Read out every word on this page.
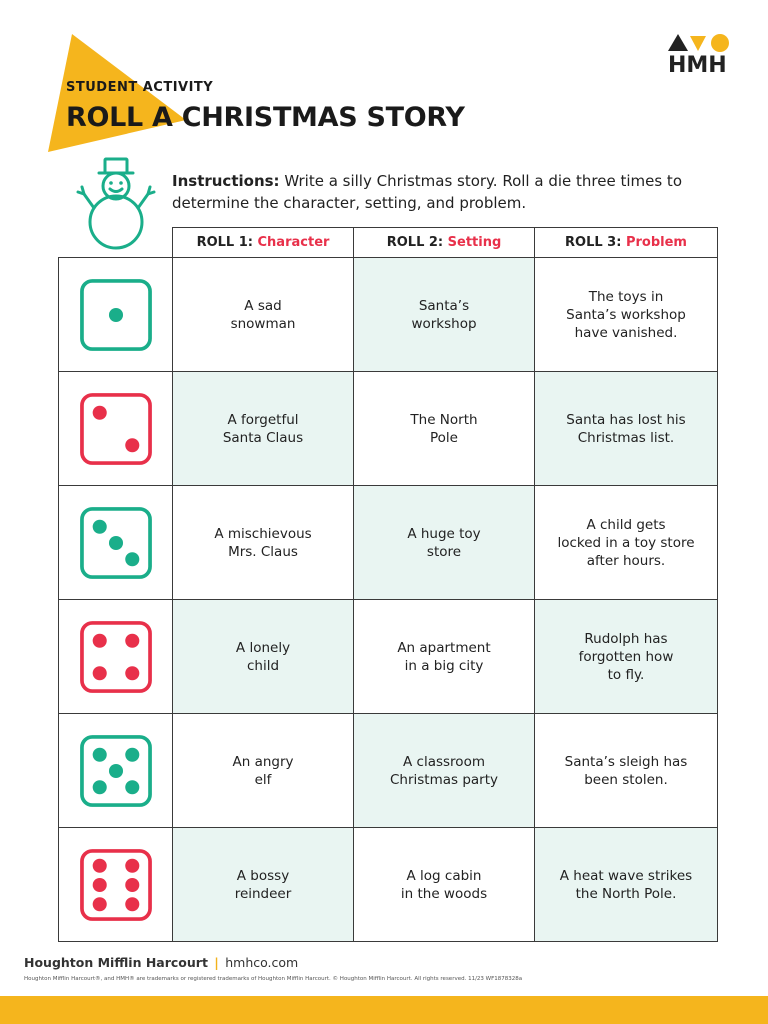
HMH
STUDENT ACTIVITY
ROLL A CHRISTMAS STORY
Instructions: Write a silly Christmas story. Roll a die three times to determine the character, setting, and problem.
	ROLL 1: Character	ROLL 2: Setting	ROLL 3: Problem

	A sad
snowman	Santa’s
workshop	The toys in
Santa’s workshop
have vanished.

	A forgetful
Santa Claus	The North
Pole	Santa has lost his
Christmas list.

	A mischievous
Mrs. Claus	A huge toy
store	A child gets
locked in a toy store
after hours.

	A lonely
child	An apartment
in a big city	Rudolph has
forgotten how
to fly.

	An angry
elf	A classroom
Christmas party	Santa’s sleigh has
been stolen.

	A bossy
reindeer	A log cabin
in the woods	A heat wave strikes
the North Pole.
Houghton Mifflin Harcourt | hmhco.com
Houghton Mifflin Harcourt®, and HMH® are trademarks or registered trademarks of Houghton Mifflin Harcourt. © Houghton Mifflin Harcourt. All rights reserved. 11/23 WF1878328a
